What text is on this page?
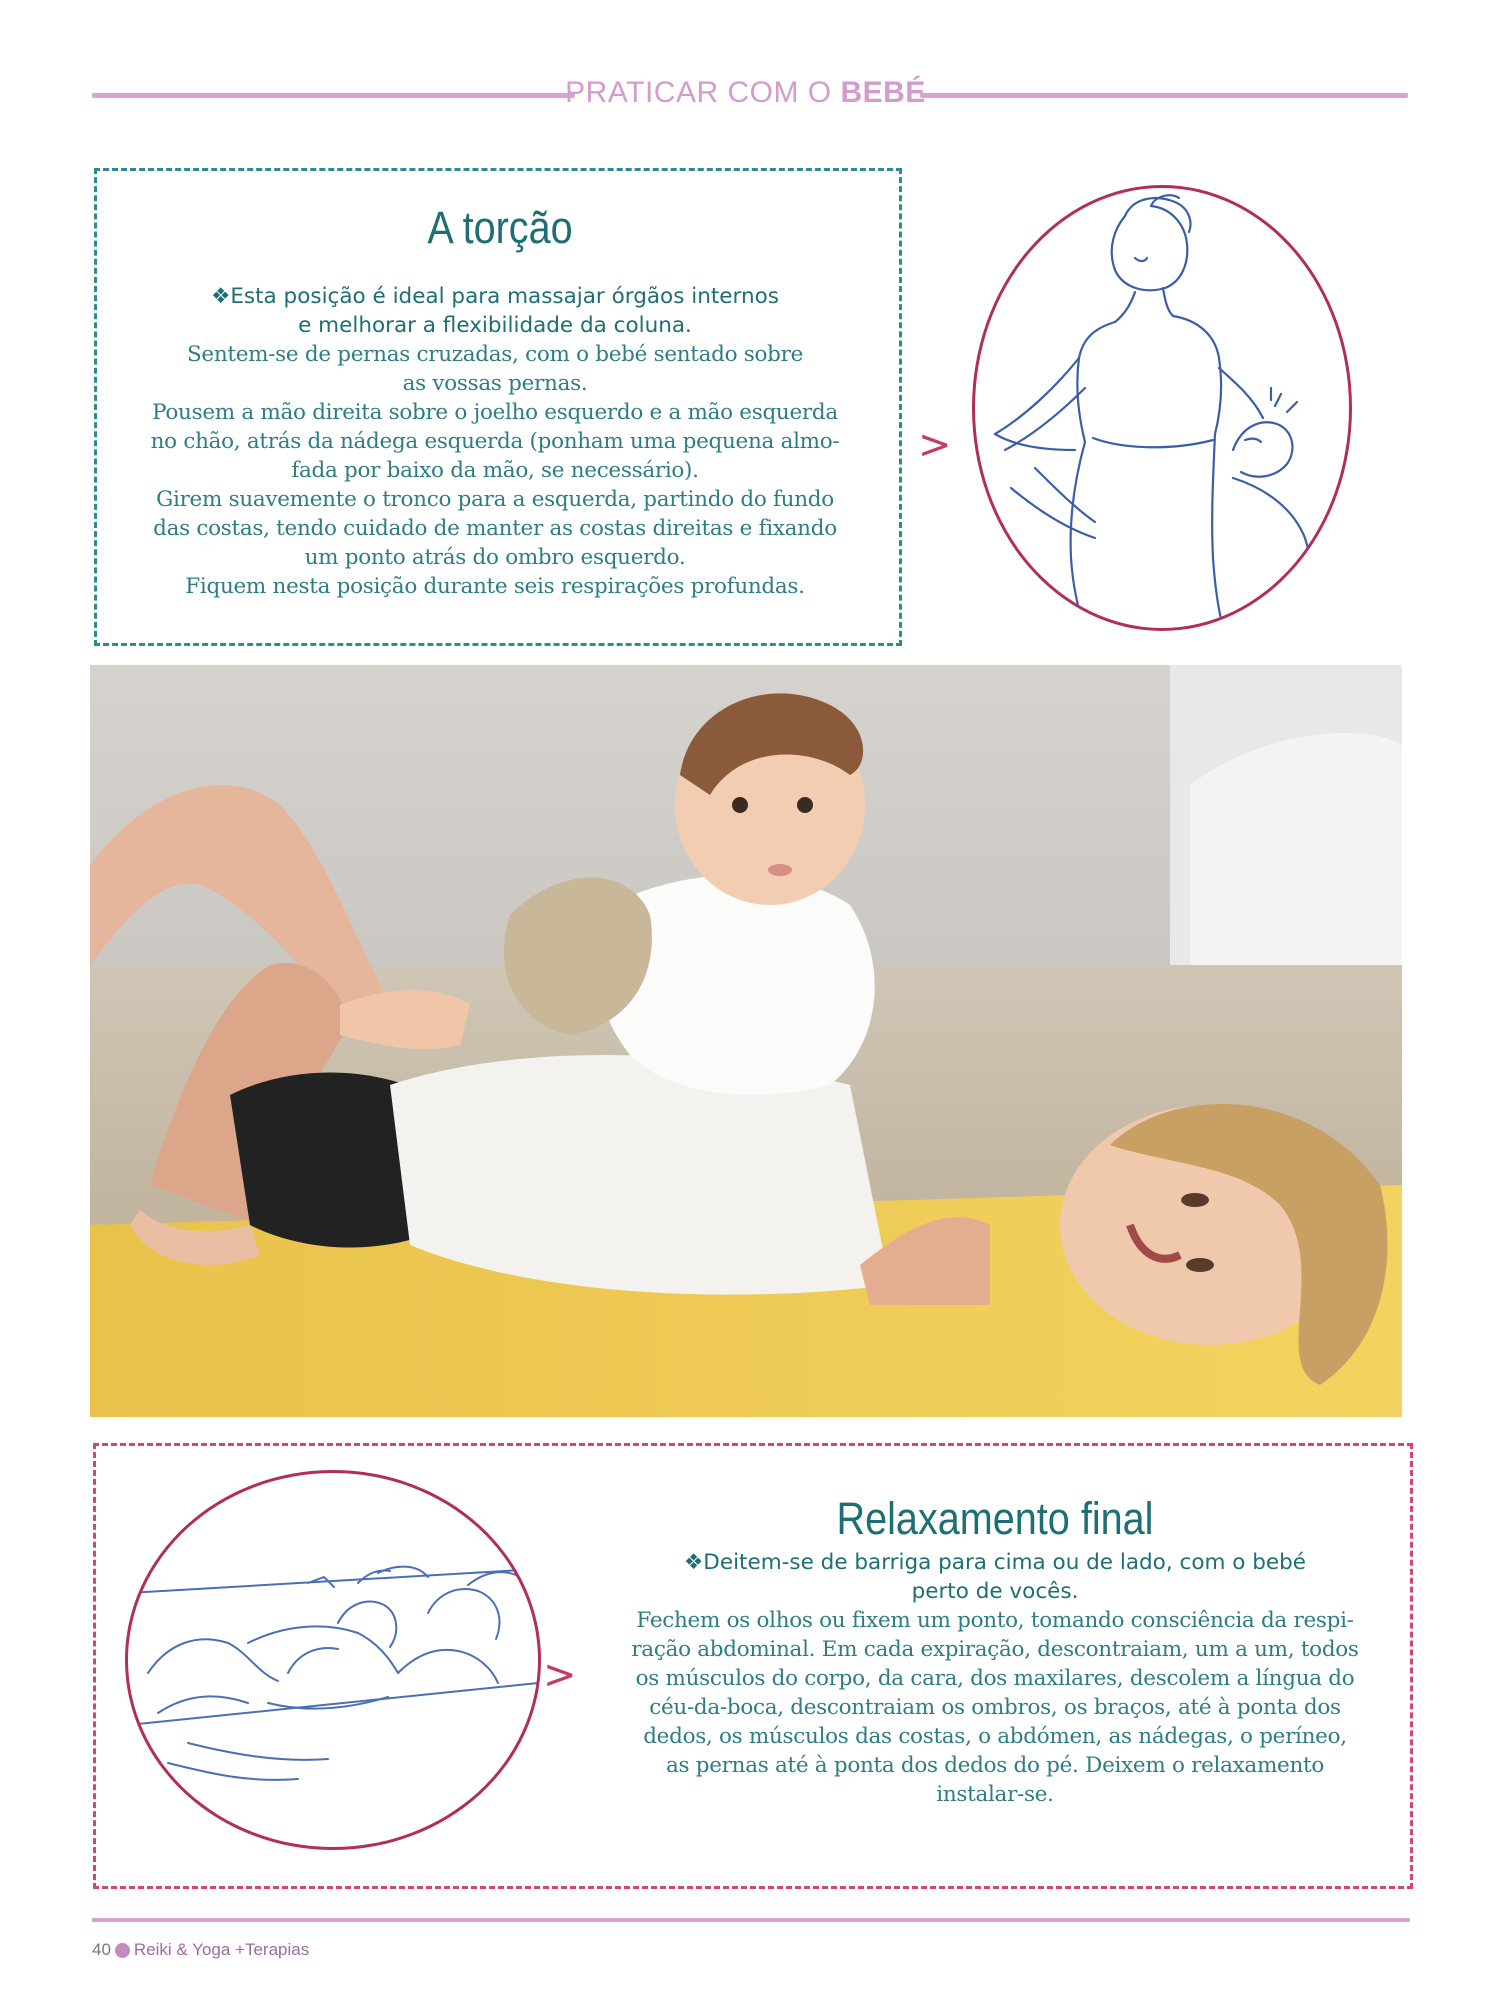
PRATICAR COM O BEBÉ
A torção
❖Esta posição é ideal para massajar órgãos internos
e melhorar a flexibilidade da coluna.
Sentem-se de pernas cruzadas, com o bebé sentado sobre
as vossas pernas.
Pousem a mão direita sobre o joelho esquerdo e a mão esquerda
no chão, atrás da nádega esquerda (ponham uma pequena almo-
fada por baixo da mão, se necessário).
Girem suavemente o tronco para a esquerda, partindo do fundo
das costas, tendo cuidado de manter as costas direitas e fixando
um ponto atrás do ombro esquerdo.
Fiquem nesta posição durante seis respirações profundas.
>
>
Relaxamento final
❖Deitem-se de barriga para cima ou de lado, com o bebé
perto de vocês.
Fechem os olhos ou fixem um ponto, tomando consciência da respi-
ração abdominal. Em cada expiração, descontraiam, um a um, todos
os músculos do corpo, da cara, dos maxilares, descolem a língua do
céu-da-boca, descontraiam os ombros, os braços, até à ponta dos
dedos, os músculos das costas, o abdómen, as nádegas, o períneo,
as pernas até à ponta dos dedos do pé. Deixem o relaxamento
instalar-se.
40 Reiki & Yoga +Terapias
